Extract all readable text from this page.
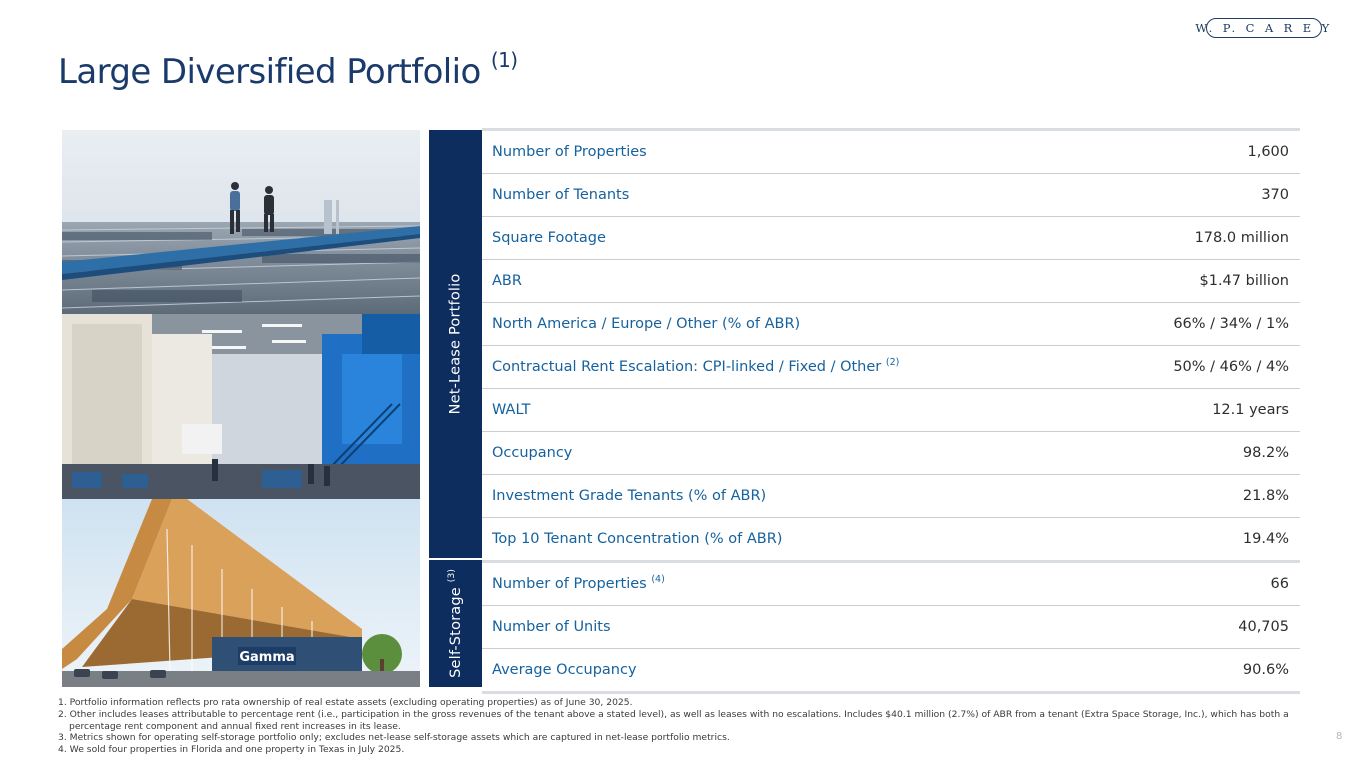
W. P. C A R E Y
Large Diversified Portfolio $^{(1)}$
Gamma
Net-Lease Portfolio
Self-Storage $^{(3)}$
Number of Properties	1,600
Number of Tenants	370
Square Footage	178.0 million
ABR	$1.47 billion
North America / Europe / Other (% of ABR)	66% / 34% / 1%
Contractual Rent Escalation: CPI-linked / Fixed / Other $^{(2)}$	50% / 46% / 4%
WALT	12.1 years
Occupancy	98.2%
Investment Grade Tenants (% of ABR)	21.8%
Top 10 Tenant Concentration (% of ABR)	19.4%
Number of Properties $^{(4)}$	66
Number of Units	40,705
Average Occupancy	90.6%
1. Portfolio information reflects pro rata ownership of real estate assets (excluding operating properties) as of June 30, 2025.
2. Other includes leases attributable to percentage rent (i.e., participation in the gross revenues of the tenant above a stated level), as well as leases with no escalations. Includes $40.1 million (2.7%) of ABR from a tenant (Extra Space Storage, Inc.), which has both a percentage rent component and annual fixed rent increases in its lease.
3. Metrics shown for operating self-storage portfolio only; excludes net-lease self-storage assets which are captured in net-lease portfolio metrics.
4. We sold four properties in Florida and one property in Texas in July 2025.
8
